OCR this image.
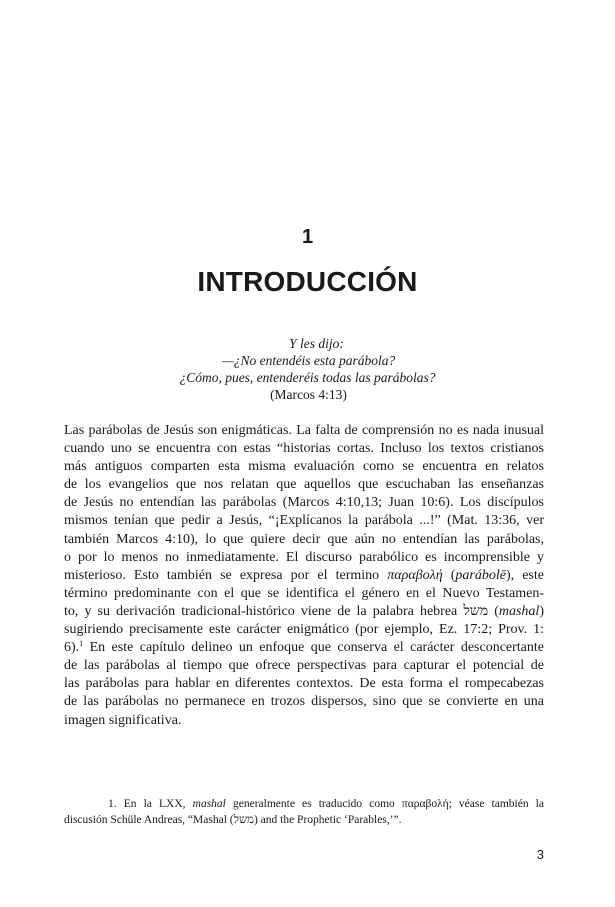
1
INTRODUCCIÓN
Y les dijo:
—¿No entendéis esta parábola?
¿Cómo, pues, entenderéis todas las parábolas?
(Marcos 4:13)
Las parábolas de Jesús son enigmáticas. La falta de comprensión no es nada inusual
cuando uno se encuentra con estas “historias cortas. Incluso los textos cristianos
más antiguos comparten esta misma evaluación como se encuentra en relatos
de los evangelios que nos relatan que aquellos que escuchaban las enseñanzas
de Jesús no entendían las parábolas (Marcos 4:10,13; Juan 10:6). Los discípulos
mismos tenían que pedir a Jesús, “¡Explícanos la parábola ...!” (Mat. 13:36, ver
también Marcos 4:10), lo que quiere decir que aún no entendían las parábolas,
o por lo menos no inmediatamente. El discurso parabólico es incomprensible y
misterioso. Esto también se expresa por el termino παραβολή (parábolē), este
término predominante con el que se identifica el género en el Nuevo Testamen-
to, y su derivación tradicional-histórico viene de la palabra hebrea משל (mashal)
sugiriendo precisamente este carácter enigmático (por ejemplo, Ez. 17:2; Prov. 1:
6).$^1$ En este capítulo delineo un enfoque que conserva el carácter desconcertante
de las parábolas al tiempo que ofrece perspectivas para capturar el potencial de
las parábolas para hablar en diferentes contextos. De esta forma el rompecabezas
de las parábolas no permanece en trozos dispersos, sino que se convierte en una
imagen significativa.
1. En la LXX, mashal generalmente es traducido como παραβολή; véase también la
discusión Schüle Andreas, “Mashal (משל) and the Prophetic ‘Parables,’”.
3
